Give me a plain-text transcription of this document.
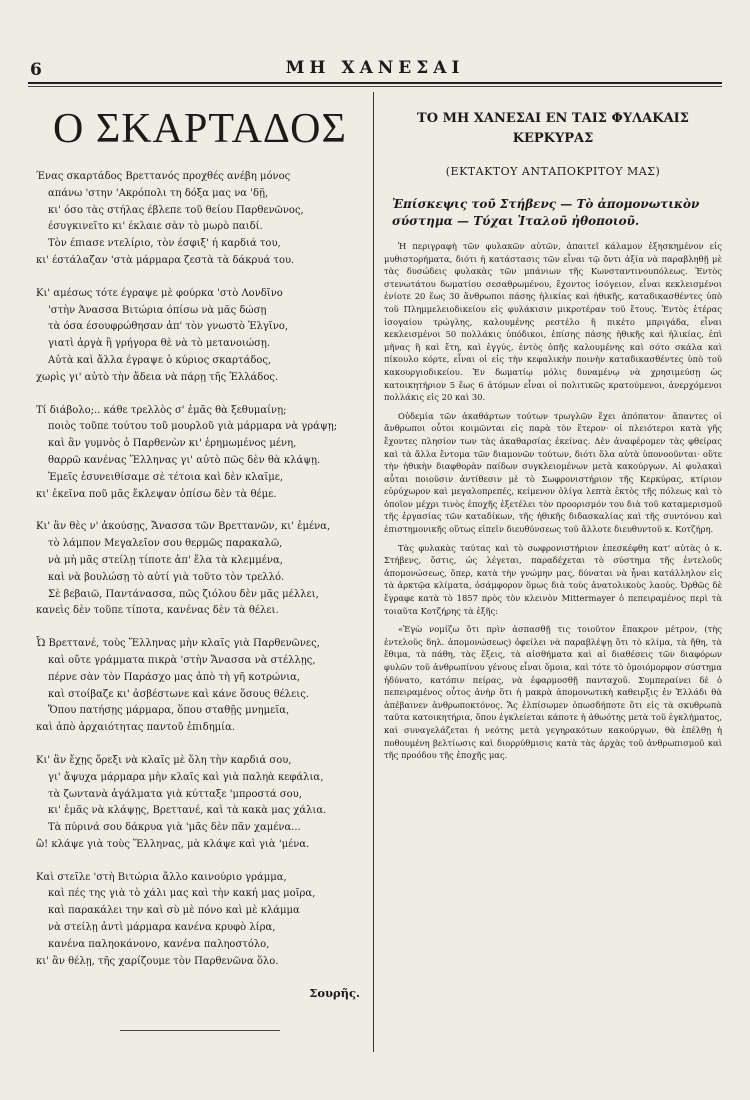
6	ΜΗ ΧΑΝΕΣΑΙ
Ο ΣΚΑΡΤΑΔΟΣ
Ένας σκαρτάδος Βρεττανός προχθές ανέβη μόνος
απάνω 'στην 'Ακρόπολι τη δόξα μας να 'δῇ,
κι' όσο τὰς στήλας έβλεπε τοῦ θείου Παρθενῶνος,
έσυγκινεῖτο κι' έκλαιε σὰν τὸ μωρὸ παιδί.
Τὸν έπιασε ντελίριο, τὸν έσφιξ' ή καρδιά του,
κι' έστάλαζαν 'στὰ μάρμαρα ζεστὰ τὰ δάκρυά του.
Κι' αμέσως τότε έγραψε μὲ φούρκα 'στὸ Λονδῖνο
'στὴν Άνασσα Βιτώρια όπίσω νὰ μᾶς δώσῃ
τὰ όσα έσουφρώθησαν ἀπ' τὸν γνωστὸ Ἐλγῖνο,
γιατὶ ἀργὰ ἢ γρήγορα θὲ νὰ τὸ μετανοιώσῃ.
Αὐτὰ καὶ ἄλλα έγραψε ὁ κύριος σκαρτάδος,
χωρὶς γι' αὐτὸ τὴν ἄδεια νὰ πάρῃ τῆς Ἑλλάδος.
Τί διάβολο;.. κάθε τρελλὸς σ' ἐμᾶς θὰ ξεθυμαίνῃ;
ποιὸς τοῦπε τούτου τοῦ μουρλοῦ γιὰ μάρμαρα νὰ γράψῃ;
καὶ ἂν γυμνὸς ὁ Παρθενὼν κι' ἐρημωμένος μένη,
θαρρῶ κανένας Ἕλληνας γι' αὐτὸ πῶς δὲν θὰ κλάψῃ.
Ἐμεῖς ἐσυνειθίσαμε σὲ τέτοια καὶ δὲν κλαῖμε,
κι' ἐκεῖνα ποῦ μᾶς ἔκλεψαν ὀπίσω δὲν τὰ θέμε.
Κι' ἂν θὲς ν' ἀκούσῃς, Ἄνασσα τῶν Βρεττανῶν, κι' ἐμένα,
τὸ λάμπον Μεγαλεῖον σου θερμῶς παρακαλῶ,
νὰ μὴ μᾶς στείλῃ τίποτε ἀπ' ἔλα τὰ κλεμμένα,
καὶ νὰ βουλώσῃ τὸ αὐτί γιὰ τοῦτο τὸν τρελλό.
Σὲ βεβαιῶ, Παντάνασσα, πῶς ζιόλου δὲν μᾶς μέλλει,
κανεὶς δὲν τοῦπε τίποτα, κανένας δὲν τὰ θέλει.
Ὦ Βρεττανέ, τοὺς Ἕλληνας μὴν κλαῖς γιὰ Παρθενῶνες,
καὶ οὔτε γράμματα πικρὰ 'στὴν Ἄνασσα νὰ στέλλῃς,
πέρνε σὰν τὸν Παράσχο μας ἀπὸ τὴ γῆ κοτρώνια,
καὶ στοίβαζε κι' ἀσβέστωνε καὶ κάνε ὅσους θέλεις.
Ὅπου πατήσῃς μάρμαρα, ὅπου σταθῇς μνημεῖα,
καὶ ἀπὸ ἀρχαιότητας παντοῦ ἐπιδημία.
Κι' ἂν ἔχῃς ὄρεξι νὰ κλαῖς μὲ ὅλη τὴν καρδιά σου,
γι' ἄψυχα μάρμαρα μὴν κλαῖς καὶ γιὰ παληὰ κεφάλια,
τὰ ζωντανὰ ἀγάλματα γιὰ κύτταξε 'μπροστά σου,
κι' ἐμᾶς νὰ κλάψῃς, Βρεττανέ, καὶ τὰ κακὰ μας χάλια.
Τὰ πύρινά σου δάκρυα γιὰ 'μᾶς δὲν πᾶν χαμένα...
ὢ! κλάψε γιὰ τοὺς Ἕλληνας, μὰ κλάψε καὶ γιὰ 'μένα.
Καὶ στεῖλε 'στὴ Βιτώρια ἄλλο καινούριο γράμμα,
καὶ πές της γιὰ τὸ χάλι μας καὶ τὴν κακή μας μοῖρα,
καὶ παρακάλει την καὶ σὺ μὲ πόνο καὶ μὲ κλάμμα
νὰ στείλῃ ἀντὶ μάρμαρα κανένα κρυφὸ λίρα,
κανένα παληοκάνονο, κανένα παληοστόλο,
κι' ἂν θέλῃ, τῆς χαρίζουμε τὸν Παρθενῶνα ὅλο.
Σουρῆς.
ΤΟ ΜΗ ΧΑΝΕΣΑΙ ΕΝ ΤΑΙΣ ΦΥΛΑΚΑΙΣ
ΚΕΡΚΥΡΑΣ
(ΕΚΤΑΚΤΟΥ ΑΝΤΑΠΟΚΡΙΤΟΥ ΜΑΣ)
Ἐπίσκεψις τοῦ Στήβενς — Τὸ ἀπομονωτικὸν σύστημα — Τύχαι Ἰταλοῦ ἠθοποιοῦ.
Ἡ περιγραφὴ τῶν φυλακῶν αὐτῶν, ἀπαιτεῖ κάλαμον ἐξησκημένον εἰς μυθιστορήματα, διότι ἡ κατάστασις τῶν εἶναι τῷ ὄντι ἀξία νὰ παραβληθῇ μὲ τὰς δυσώδεις φυλακὰς τῶν μπάνιων τῆς Κωνσταντινουπόλεως. Ἐντὸς στενωτάτου δωματίου σεσαθρωμένου, ἔχοντος ἰσόγειον, εἶναι κεκλεισμένοι ἐνίοτε 20 ἕως 30 ἄνθρωποι πάσης ἡλικίας καὶ ἠθικῆς, καταδικασθέντες ὑπὸ τοῦ Πλημμελειοδικείου εἰς φυλάκισιν μικροτέραν τοῦ ἔτους. Ἐντὸς ἑτέρας ἰσογαίου τρώγλης, καλουμένης ρεστέλο ἢ πικέτο μπριγάδα, εἶναι κεκλεισμένοι 50 πολλάκις ὑπόδικοι, ἐπίσης πάσης ἠθικῆς καὶ ἡλικίας, ἐπὶ μῆνας ἢ καὶ ἔτη, καὶ ἐγγύς, ἐντὸς ὀπῆς καλουμένης καὶ σότο σκάλα καὶ πίκουλο κόρτε, εἶναι οἱ εἰς τὴν κεφαλικὴν ποινὴν καταδικασθέντες ὑπὸ τοῦ κακουργιοδικείου. Ἐν δωματίῳ μόλις δυναμένῳ νὰ χρησιμεύσῃ ὡς κατοικητήριον 5 ἕως 6 ἀτόμων εἶναι οἱ πολιτικῶς κρατούμενοι, ἀνερχόμενοι πολλάκις εἰς 20 καὶ 30.
Οὐδεμία τῶν ἀκαθάρτων τούτων τρωγλῶν ἔχει ἀπόπατον· ἅπαντες οἱ ἄνθρωποι οὗτοι κοιμῶνται εἰς παρὰ τὸν ἕτερον· οἱ πλειότεροι κατὰ γῆς ἔχοντες πλησίον των τὰς ἀκαθαρσίας ἐκείνας. Δὲν ἀναφέρομεν τὰς φθείρας καὶ τὰ ἄλλα ἔντομα τῶν διαμονῶν τούτων, διότι ὅλα αὐτὰ ὑπονοοῦνται· οὔτε τὴν ἠθικὴν διαφθορὰν παίδων συγκλειομένων μετὰ κακούργων. Αἱ φυλακαὶ αὗται ποιοῦσιν ἀντίθεσιν μὲ τὸ Σωφρονιστήριον τῆς Κερκύρας, κτίριον εὐρύχωρον καὶ μεγαλοπρεπές, κείμενον ὀλίγα λεπτὰ ἐκτὸς τῆς πόλεως καὶ τὸ ὁποῖον μέχρι τινὸς ἐποχῆς ἐξετέλει τὸν προορισμόν του διὰ τοῦ καταμερισμοῦ τῆς ἐργασίας τῶν καταδίκων, τῆς ἠθικῆς διδασκαλίας καὶ τῆς συντόνου καὶ ἐπιστημονικῆς οὕτως εἰπεῖν διευθύνσεως τοῦ ἄλλοτε διευθυντοῦ κ. Κοτζήρη.
Τὰς φυλακὰς ταύτας καὶ τὸ σωφρονιστήριον ἐπεσκέφθη κατ' αὐτὰς ὁ κ. Στήβενς, ὅστις, ὡς λέγεται, παραδέχεται τὸ σύστημα τῆς ἐντελοῦς ἀπομονώσεως, ὅπερ, κατὰ τὴν γνώμην μας, δύναται νὰ ἦναι κατάλληλον εἰς τὰ ἀρκτῷα κλίματα, ὀσάμφορον ὅμως διὰ τοὺς ἀνατολικοὺς λαούς. Ὀρθῶς δὲ ἔγραφε κατὰ τὸ 1857 πρὸς τὸν κλεινὸν Mittermayer ὁ πεπειραμένος περὶ τὰ τοιαῦτα Κοτζήρης τὰ ἑξῆς:
«Ἐγὼ νομίζω ὅτι πρὶν ἀσπασθῇ τις τοιοῦτον ἔπακρον μέτρον, (τὴς ἐντελοῦς δηλ. ἀπομονώσεως) ὀφείλει νὰ παραβλέψῃ ὅτι τὸ κλίμα, τὰ ἤθη, τὰ ἔθιμα, τὰ πάθη, τὰς ἕξεις, τὰ αἰσθήματα καὶ αἱ διαθέσεις τῶν διαφόρων φυλῶν τοῦ ἀνθρωπίνου γένους εἶναι ὅμοια, καὶ τότε τὸ ὁμοιόμορφον σύστημα ἠδύνατο, κατόπιν πείρας, νὰ ἐφαρμοσθῇ πανταχοῦ. Συμπεραίνει δὲ ὁ πεπειραμένος οὗτος ἀνὴρ ὅτι ἡ μακρὰ ἀπομονωτικὴ καθειρξις ἐν Ἑλλάδι θὰ ἀπέβαινεν ἀνθρωποκτόνος. Ἄς ἐλπίσωμεν ὁπωσδήποτε ὅτι εἰς τὰ σκυθρωπὰ ταῦτα κατοικητήρια, ὅπου ἐγκλείεται κάποτε ἡ ἀθωότης μετὰ τοῦ ἐγκλήματος, καὶ συναγελάζεται ἡ νεότης μετὰ γεγηρακότων κακούργων, θὰ ἐπέλθῃ ἡ ποθουμένη βελτίωσις καὶ διορρύθμισις κατὰ τὰς ἀρχὰς τοῦ ἀνθρωπισμοῦ καὶ τῆς προόδου τῆς ἐποχῆς μας.
